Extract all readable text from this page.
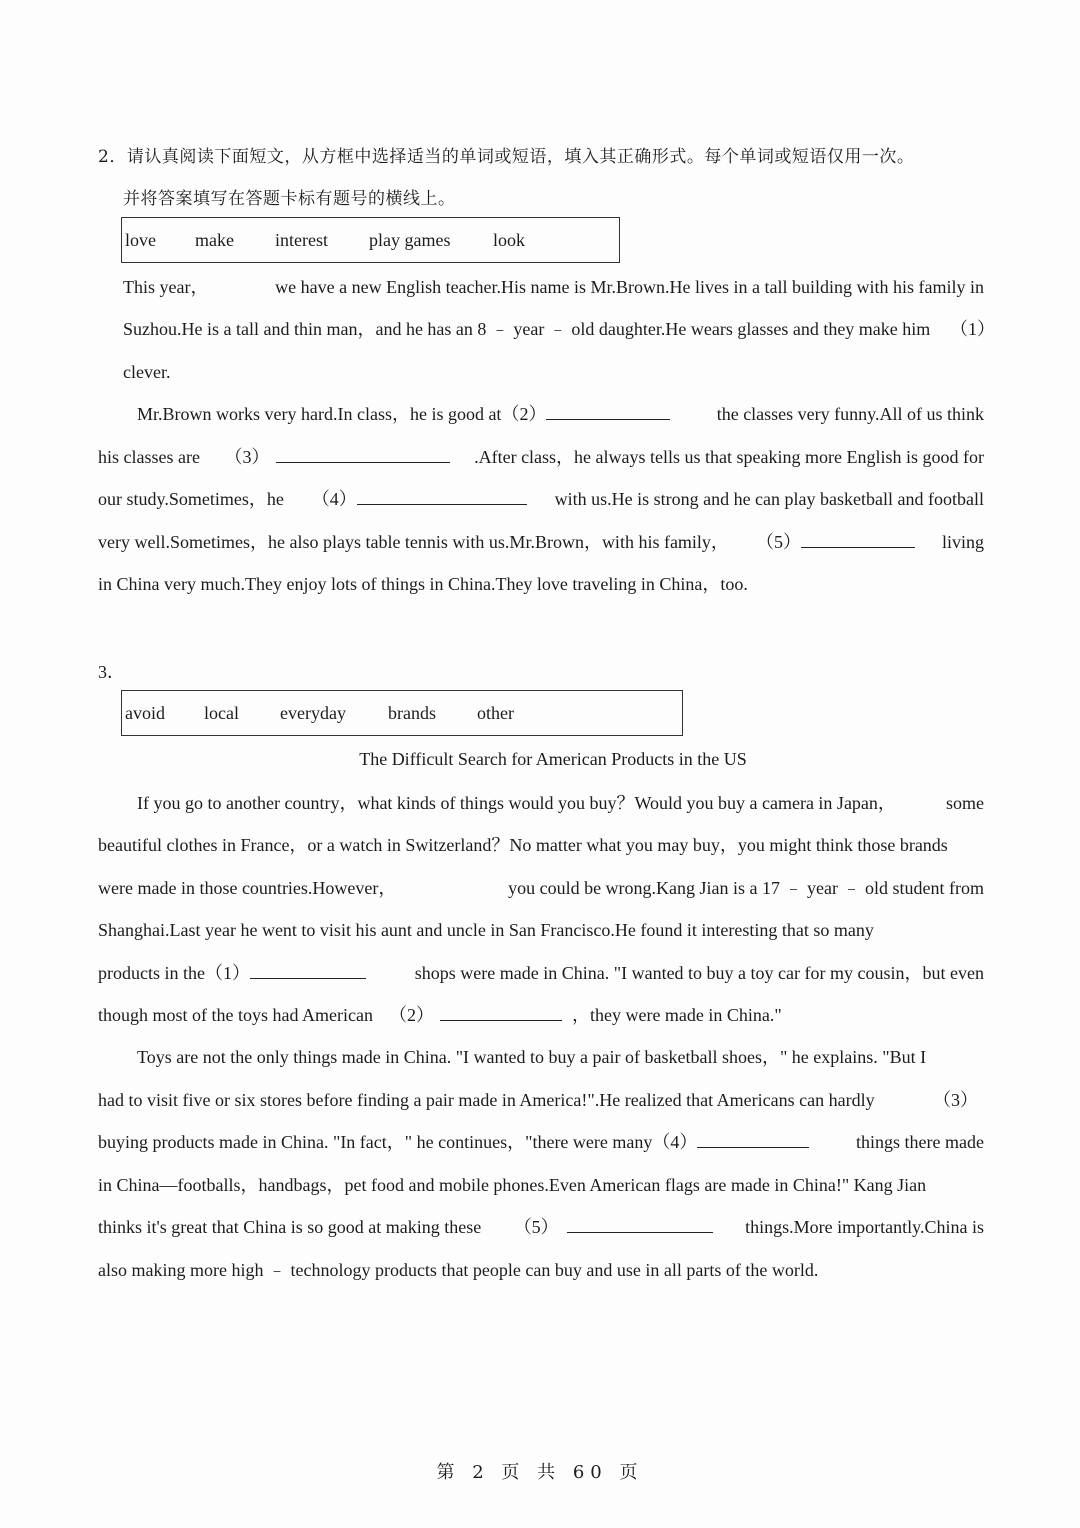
2．请认真阅读下面短文，从方框中选择适当的单词或短语，填入其正确形式。每个单词或短语仅用一次。
并将答案填写在答题卡标有题号的横线上。
love make interest play games look
This year，	we have a new English teacher.His name is Mr.Brown.He lives in a tall building with his family in
Suzhou.He is a tall and thin man，and he has an 8 ﹣ year ﹣ old daughter.He wears glasses and they make him （1）
clever.
Mr.Brown works very hard.In class，he is good at（2）	the classes very funny.All of us think
his classes are （3）	.After class，he always tells us that speaking more English is good for
our study.Sometimes，he （4）	with us.He is strong and he can play basketball and football
very well.Sometimes，he also plays table tennis with us.Mr.Brown，with his family， （5）	living
in China very much.They enjoy lots of things in China.They love traveling in China，too.
3．
avoid local everyday brands other
The Difficult Search for American Products in the US
If you go to another country，what kinds of things would you buy？Would you buy a camera in Japan，	some
beautiful clothes in France，or a watch in Switzerland？No matter what you may buy，you might think those brands
were made in those countries.However，	you could be wrong.Kang Jian is a 17 ﹣ year ﹣ old student from
Shanghai.Last year he went to visit his aunt and uncle in San Francisco.He found it interesting that so many
products in the（1）	shops were made in China. "I wanted to buy a toy car for my cousin，but even
though most of the toys had American （2）	，they were made in China."
Toys are not the only things made in China. "I wanted to buy a pair of basketball shoes，" he explains. "But I
had to visit five or six stores before finding a pair made in America!".He realized that Americans can hardly	（3）
buying products made in China. "In fact，" he continues，"there were many（4）	things there made
in China—footballs，handbags，pet food and mobile phones.Even American flags are made in China!" Kang Jian
thinks it's great that China is so good at making these （5）	things.More importantly.China is
also making more high ﹣ technology products that people can buy and use in all parts of the world.
第 2 页 共 60 页
